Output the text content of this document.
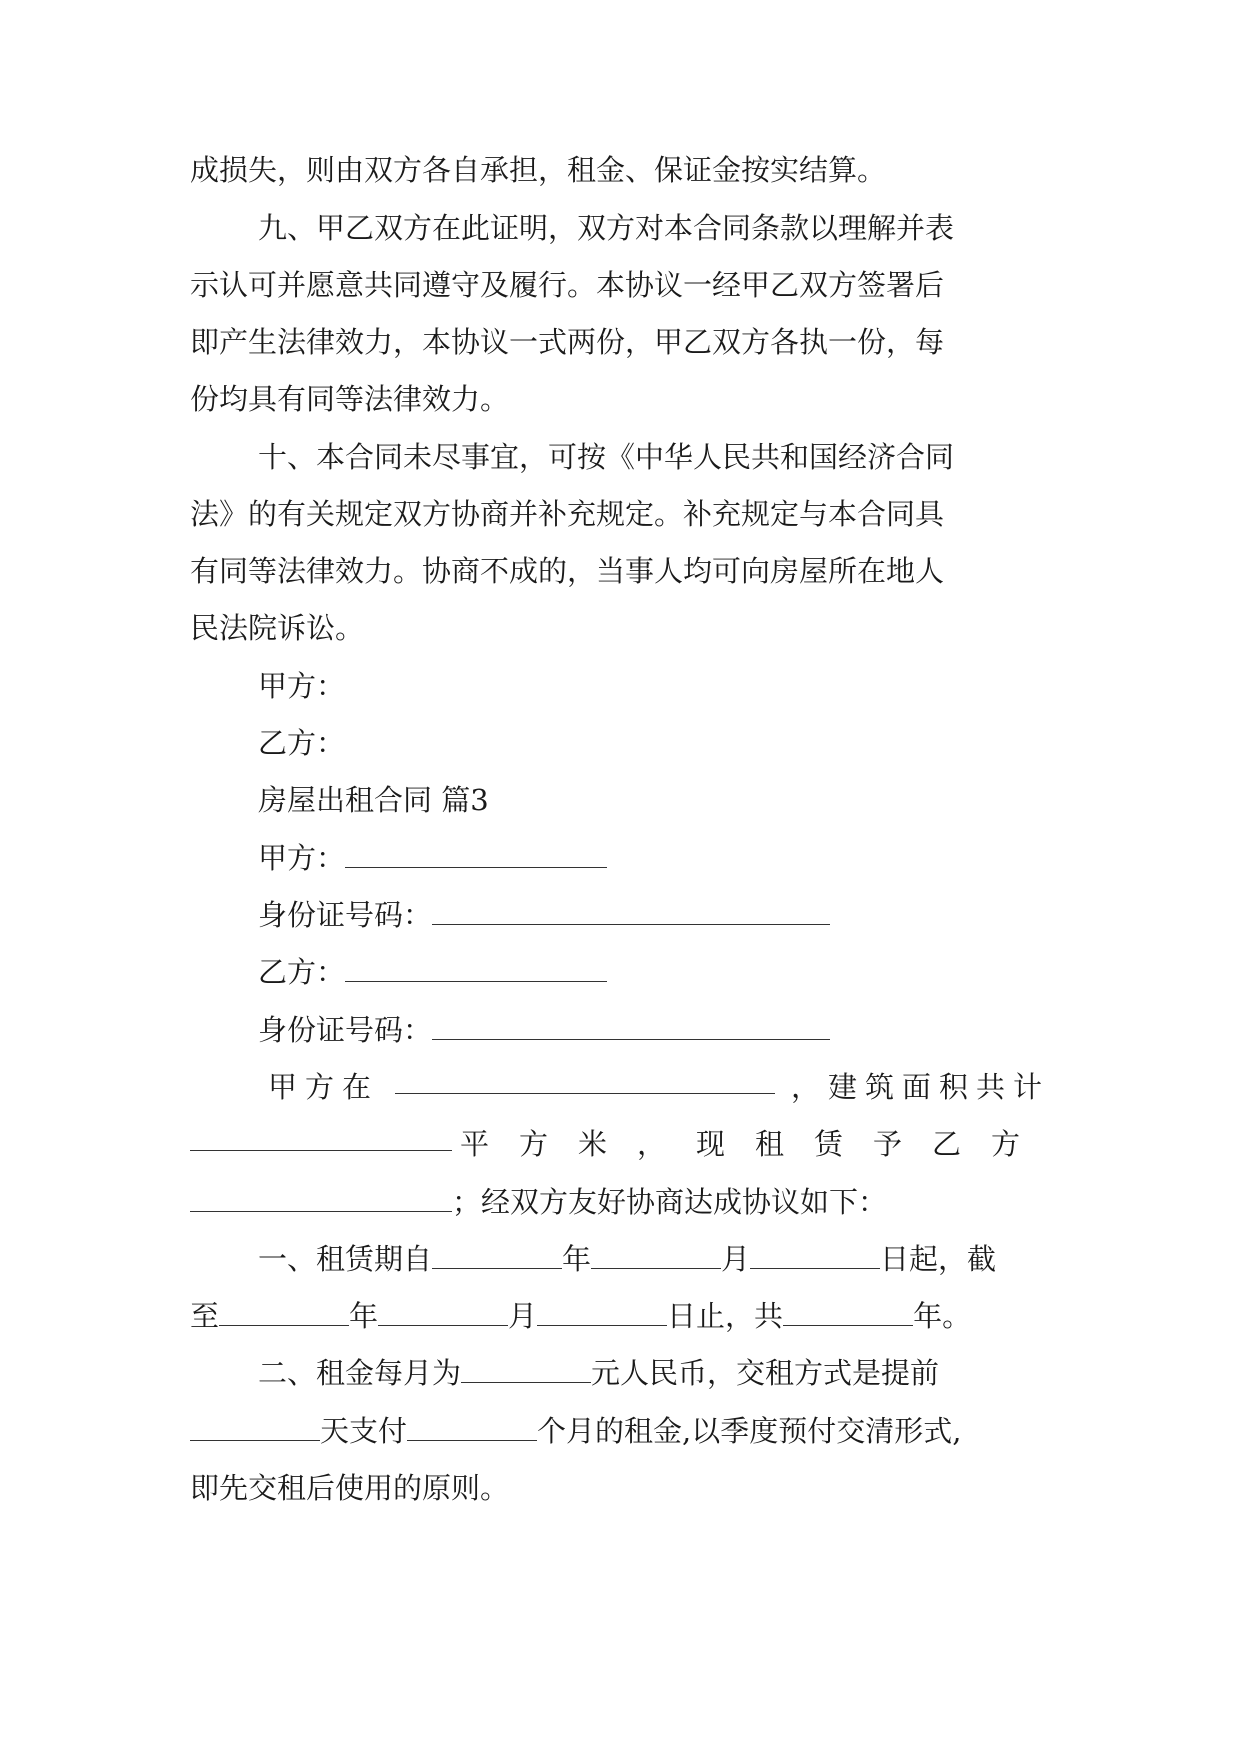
成损失，则由双方各自承担，租金、保证金按实结算。
九、甲乙双方在此证明，双方对本合同条款以理解并表
示认可并愿意共同遵守及履行。本协议一经甲乙双方签署后
即产生法律效力，本协议一式两份，甲乙双方各执一份，每
份均具有同等法律效力。
十、本合同未尽事宜，可按《中华人民共和国经济合同
法》的有关规定双方协商并补充规定。补充规定与本合同具
有同等法律效力。协商不成的，当事人均可向房屋所在地人
民法院诉讼。
甲方：
乙方：
房屋出租合同 篇3
甲方：
身份证号码：
乙方：
身份证号码：
甲方在	，建筑面积共计
平方米，现租赁予乙方
；经双方友好协商达成协议如下：
一、租赁期自	年	月	日起，截
至	年	月	日止，共	年。
二、租金每月为	元人民币，交租方式是提前
天支付	个月的租金,以季度预付交清形式,
即先交租后使用的原则。
